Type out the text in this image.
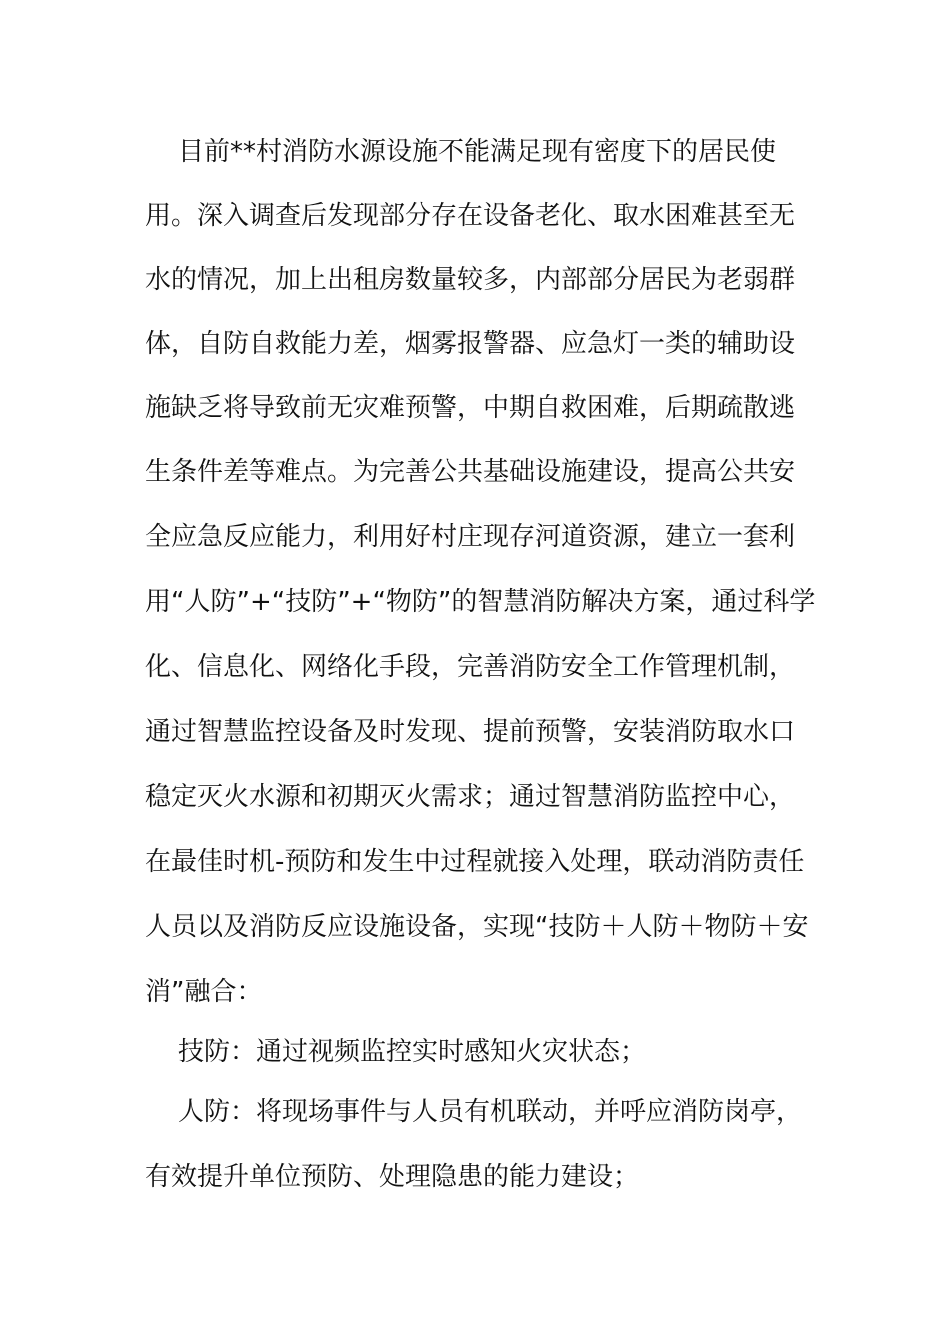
目前**村消防水源设施不能满足现有密度下的居民使
用。深入调查后发现部分存在设备老化、取水困难甚至无
水的情况，加上出租房数量较多，内部部分居民为老弱群
体，自防自救能力差，烟雾报警器、应急灯一类的辅助设
施缺乏将导致前无灾难预警，中期自救困难，后期疏散逃
生条件差等难点。为完善公共基础设施建设，提高公共安
全应急反应能力，利用好村庄现存河道资源，建立一套利
用“人防”+“技防”+“物防”的智慧消防解决方案，通过科学
化、信息化、网络化手段，完善消防安全工作管理机制，
通过智慧监控设备及时发现、提前预警，安装消防取水口
稳定灭火水源和初期灭火需求；通过智慧消防监控中心，
在最佳时机-预防和发生中过程就接入处理，联动消防责任
人员以及消防反应设施设备，实现“技防＋人防＋物防＋安
消”融合：
技防：通过视频监控实时感知火灾状态；
人防：将现场事件与人员有机联动，并呼应消防岗亭，
有效提升单位预防、处理隐患的能力建设；
